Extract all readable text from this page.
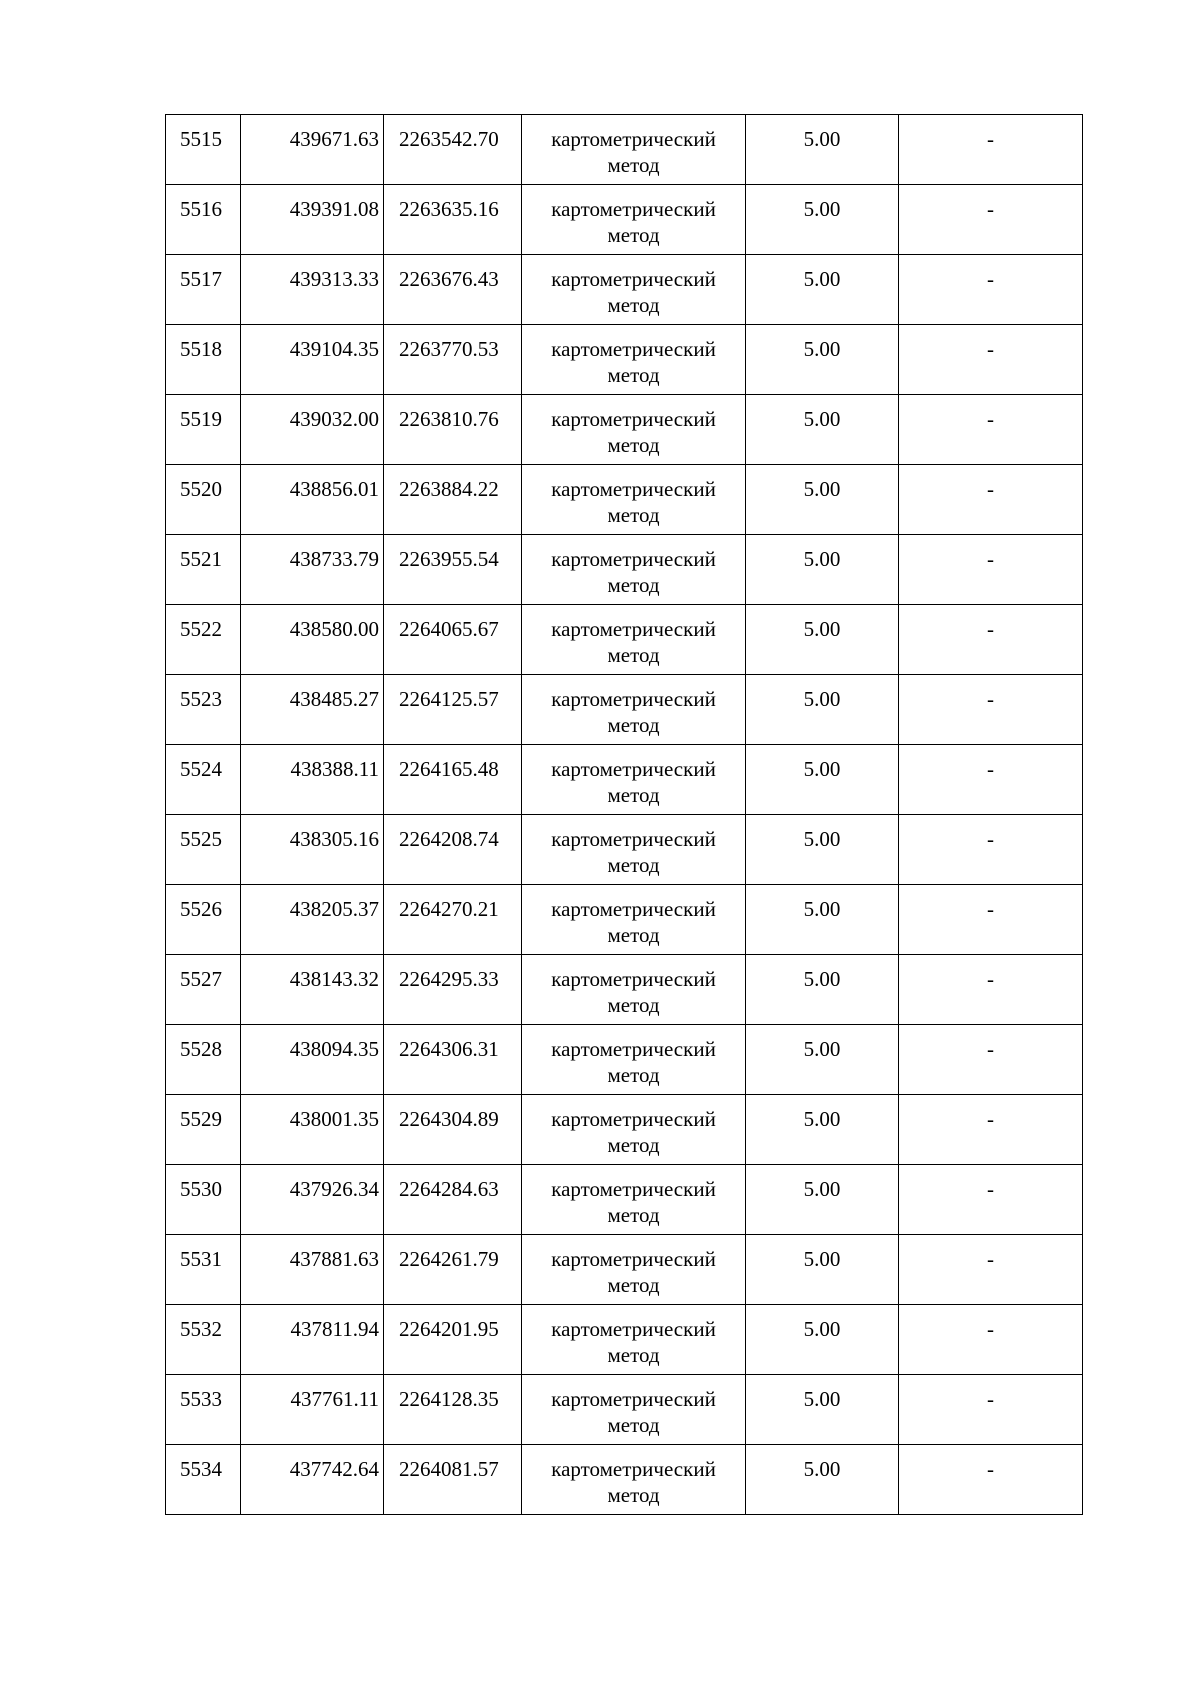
5515	439671.63	2263542.70	картометрический метод	5.00	-
5516	439391.08	2263635.16	картометрический метод	5.00	-
5517	439313.33	2263676.43	картометрический метод	5.00	-
5518	439104.35	2263770.53	картометрический метод	5.00	-
5519	439032.00	2263810.76	картометрический метод	5.00	-
5520	438856.01	2263884.22	картометрический метод	5.00	-
5521	438733.79	2263955.54	картометрический метод	5.00	-
5522	438580.00	2264065.67	картометрический метод	5.00	-
5523	438485.27	2264125.57	картометрический метод	5.00	-
5524	438388.11	2264165.48	картометрический метод	5.00	-
5525	438305.16	2264208.74	картометрический метод	5.00	-
5526	438205.37	2264270.21	картометрический метод	5.00	-
5527	438143.32	2264295.33	картометрический метод	5.00	-
5528	438094.35	2264306.31	картометрический метод	5.00	-
5529	438001.35	2264304.89	картометрический метод	5.00	-
5530	437926.34	2264284.63	картометрический метод	5.00	-
5531	437881.63	2264261.79	картометрический метод	5.00	-
5532	437811.94	2264201.95	картометрический метод	5.00	-
5533	437761.11	2264128.35	картометрический метод	5.00	-
5534	437742.64	2264081.57	картометрический метод	5.00	-
